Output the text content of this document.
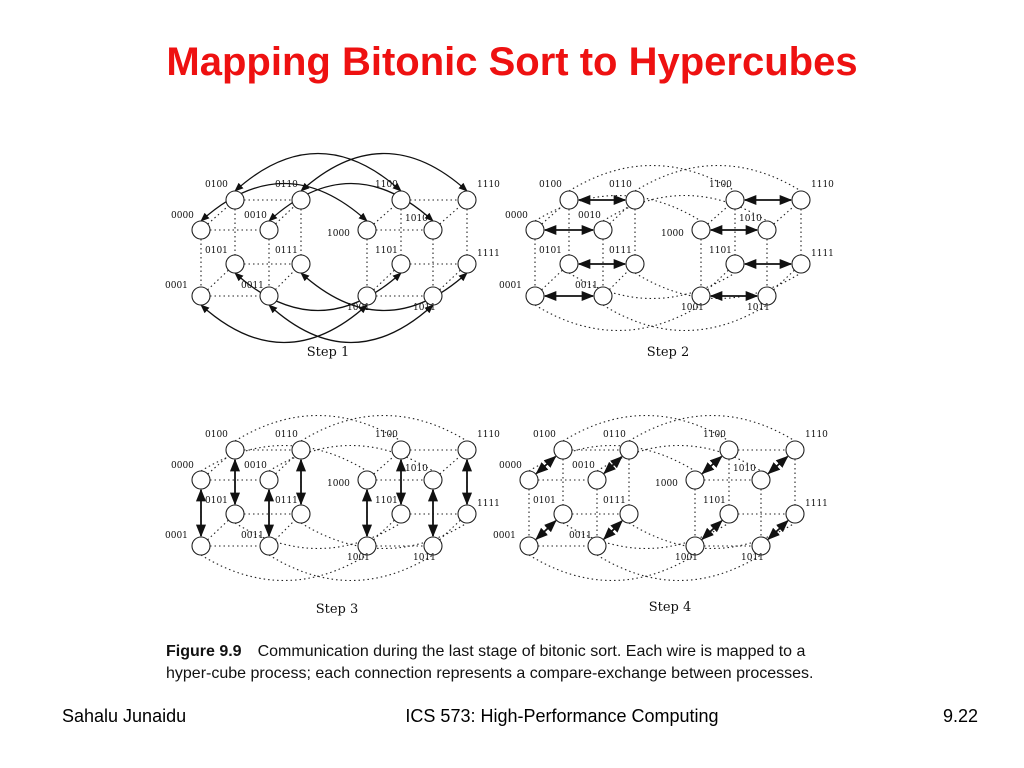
Mapping Bitonic Sort to Hypercubes
0000
0001
0010
0011
0100
0101
0110
0111
1000
1001
1010
1011
1100
1101
1110
1111
Step 1
0000
0001
0010
0011
0100
0101
0110
0111
1000
1001
1010
1011
1100
1101
1110
1111
Step 2
0000
0001
0010
0011
0100
0101
0110
0111
1000
1001
1010
1011
1100
1101
1110
1111
Step 3
0000
0001
0010
0011
0100
0101
0110
0111
1000
1001
1010
1011
1100
1101
1110
1111
Step 4
Figure 9.9 Communication during the last stage of bitonic sort. Each wire is mapped to a hyper-cube process; each connection represents a compare-exchange between processes.
Sahalu Junaidu	ICS 573: High-Performance Computing	9.22
